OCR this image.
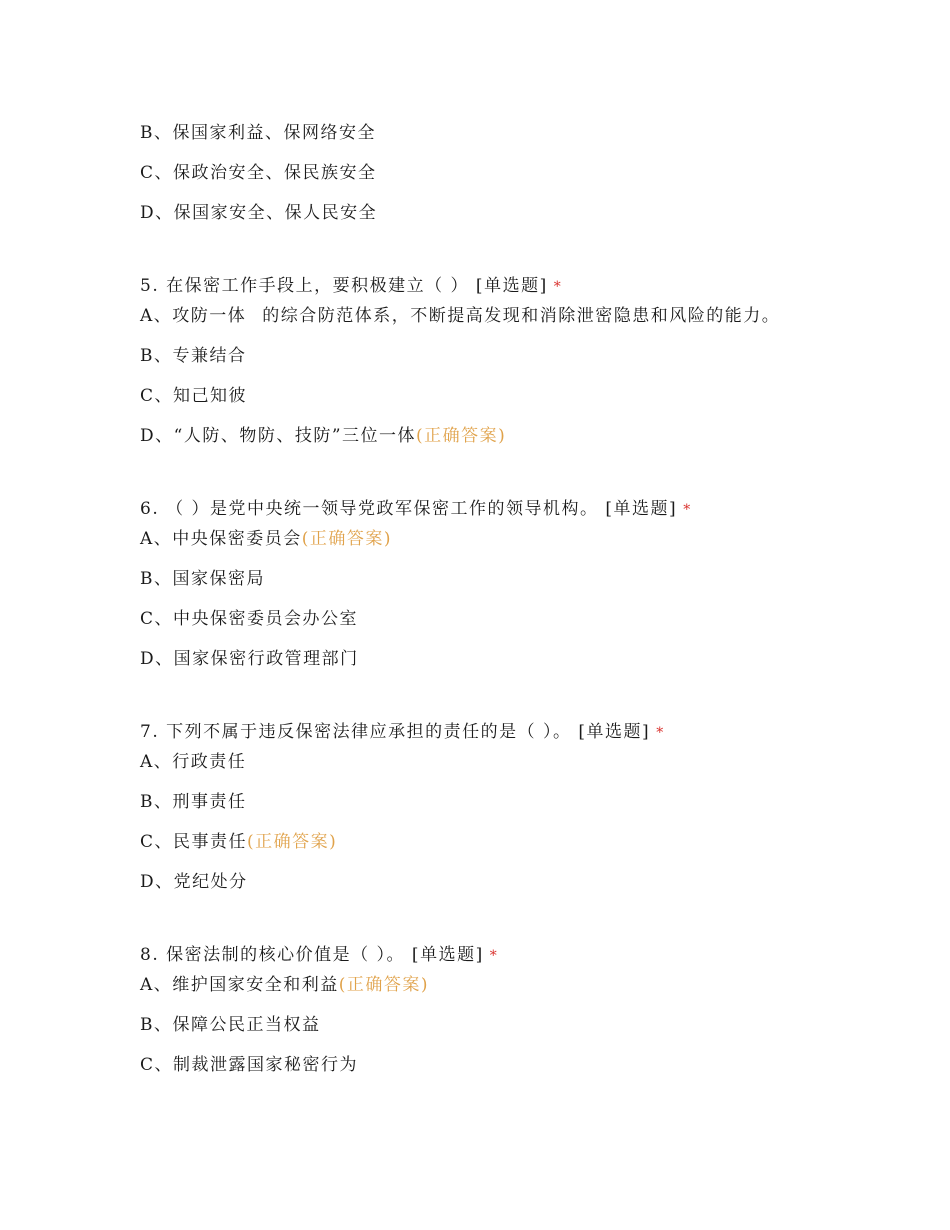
B、保国家利益、保网络安全
C、保政治安全、保民族安全
D、保国家安全、保人民安全
5. 在保密工作手段上，要积极建立（ ） [单选题] *
A、攻防一体 的综合防范体系，不断提高发现和消除泄密隐患和风险的能力。
B、专兼结合
C、知己知彼
D、“人防、物防、技防”三位一体(正确答案)
6. （ ）是党中央统一领导党政军保密工作的领导机构。 [单选题] *
A、中央保密委员会(正确答案)
B、国家保密局
C、中央保密委员会办公室
D、国家保密行政管理部门
7. 下列不属于违反保密法律应承担的责任的是（ ）。 [单选题] *
A、行政责任
B、刑事责任
C、民事责任(正确答案)
D、党纪处分
8. 保密法制的核心价值是（ ）。 [单选题] *
A、维护国家安全和利益(正确答案)
B、保障公民正当权益
C、制裁泄露国家秘密行为
